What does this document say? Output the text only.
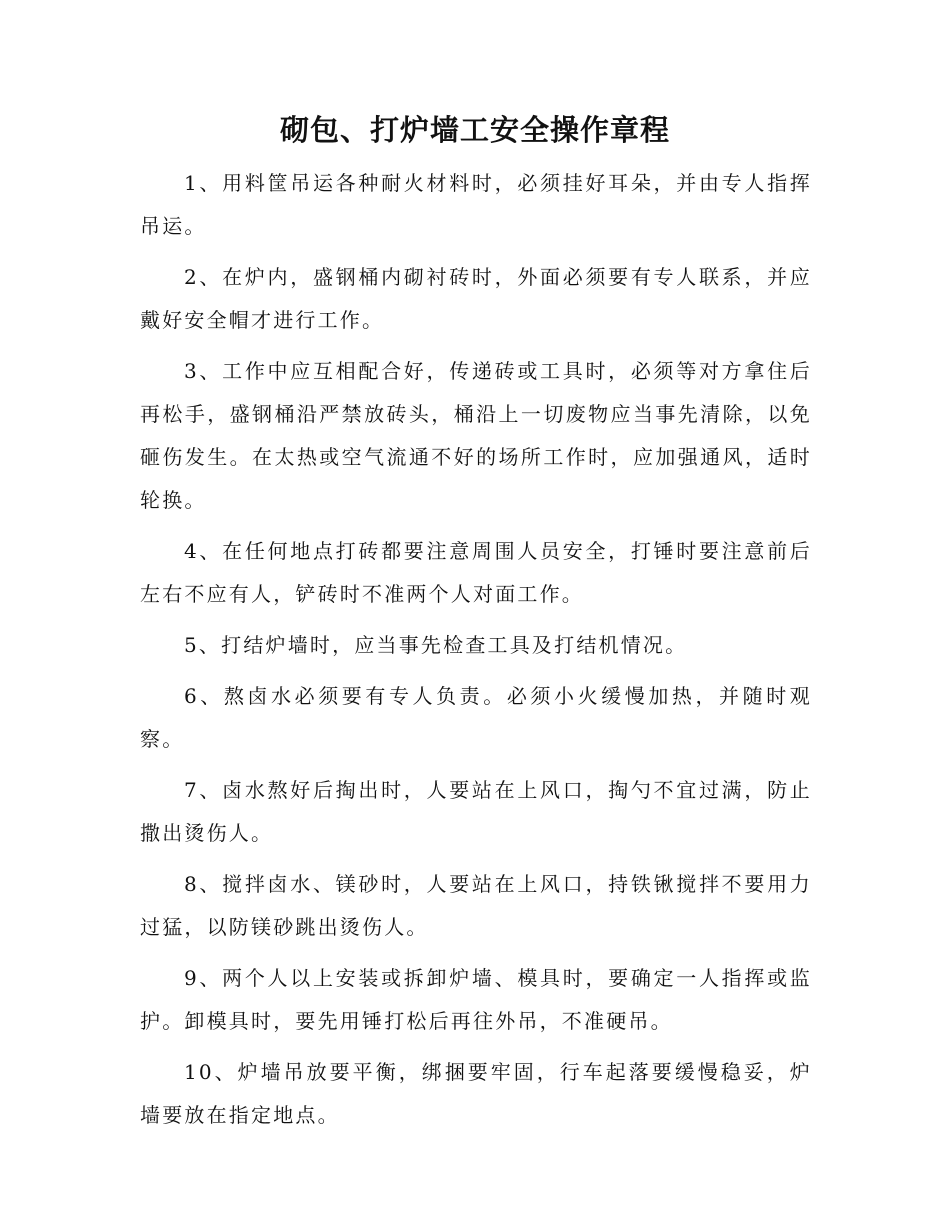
砌包、打炉墙工安全操作章程
1、用料筐吊运各种耐火材料时，必须挂好耳朵，并由专人指挥吊运。
2、在炉内，盛钢桶内砌衬砖时，外面必须要有专人联系，并应戴好安全帽才进行工作。
3、工作中应互相配合好，传递砖或工具时，必须等对方拿住后再松手，盛钢桶沿严禁放砖头，桶沿上一切废物应当事先清除，以免砸伤发生。在太热或空气流通不好的场所工作时，应加强通风，适时轮换。
4、在任何地点打砖都要注意周围人员安全，打锤时要注意前后左右不应有人，铲砖时不准两个人对面工作。
5、打结炉墙时，应当事先检查工具及打结机情况。
6、熬卤水必须要有专人负责。必须小火缓慢加热，并随时观察。
7、卤水熬好后掏出时，人要站在上风口，掏勺不宜过满，防止撒出烫伤人。
8、搅拌卤水、镁砂时，人要站在上风口，持铁锹搅拌不要用力过猛，以防镁砂跳出烫伤人。
9、两个人以上安装或拆卸炉墙、模具时，要确定一人指挥或监护。卸模具时，要先用锤打松后再往外吊，不准硬吊。
10、炉墙吊放要平衡，绑捆要牢固，行车起落要缓慢稳妥，炉墙要放在指定地点。
